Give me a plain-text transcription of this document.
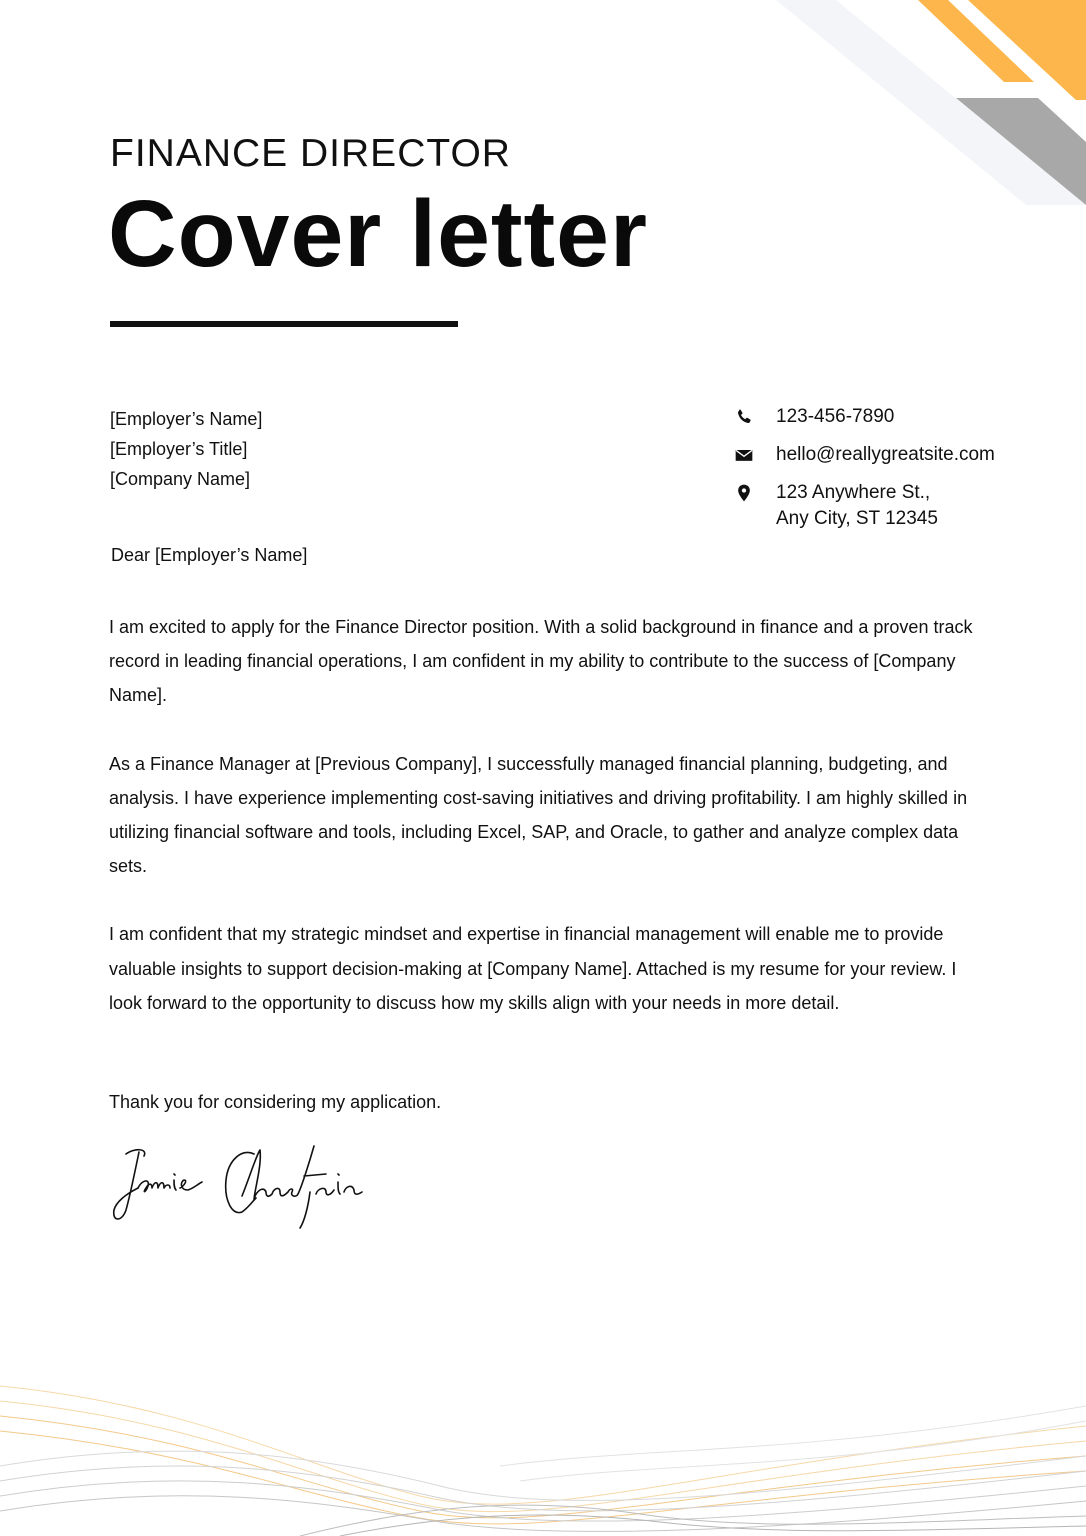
FINANCE DIRECTOR
Cover letter
[Employer’s Name]
[Employer’s Title]
[Company Name]
123-456-7890
hello@reallygreatsite.com
123 Anywhere St.,
Any City, ST 12345
Dear [Employer’s Name]

I am excited to apply for the Finance Director position. With a solid background in finance and a proven track record in leading financial operations, I am confident in my ability to contribute to the success of [Company Name].

As a Finance Manager at [Previous Company], I successfully managed financial planning, budgeting, and analysis. I have experience implementing cost-saving initiatives and driving profitability. I am highly skilled in utilizing financial software and tools, including Excel, SAP, and Oracle, to gather and analyze complex data sets.

I am confident that my strategic mindset and expertise in financial management will enable me to provide valuable insights to support decision-making at [Company Name]. Attached is my resume for your review. I look forward to the opportunity to discuss how my skills align with your needs in more detail.

Thank you for considering my application.
